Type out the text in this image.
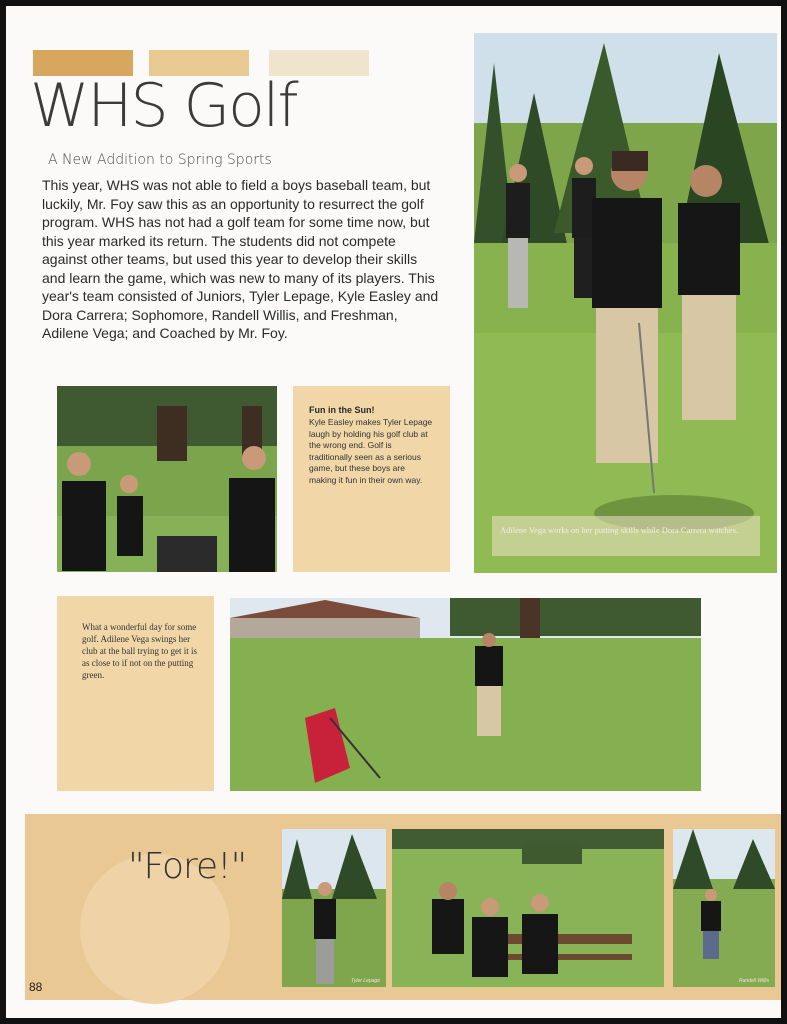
WHS Golf
A New Addition to Spring Sports

This year, WHS was not able to field a boys baseball team, but luckily, Mr. Foy saw this as an opportunity to resurrect the golf program. WHS has not had a golf team for some time now, but this year marked its return. The students did not compete against other teams, but used this year to develop their skills and learn the game, which was new to many of its players. This year's team consisted of Juniors, Tyler Lepage, Kyle Easley and Dora Carrera; Sophomore, Randell Willis, and Freshman, Adilene Vega; and Coached by Mr. Foy.

Adilene Vega works on her putting skills while Dora Carrera watches.

Fun in the Sun!

Kyle Easley makes Tyler Lepage laugh by holding his golf club at the wrong end. Golf is traditionally seen as a serious game, but these boys are making it fun in their own way.

What a wonderful day for some golf. Adilene Vega swings her club at the ball trying to get it is as close to if not on the putting green.

"Fore!"
Tyler Lepage	Randell Willis
88
